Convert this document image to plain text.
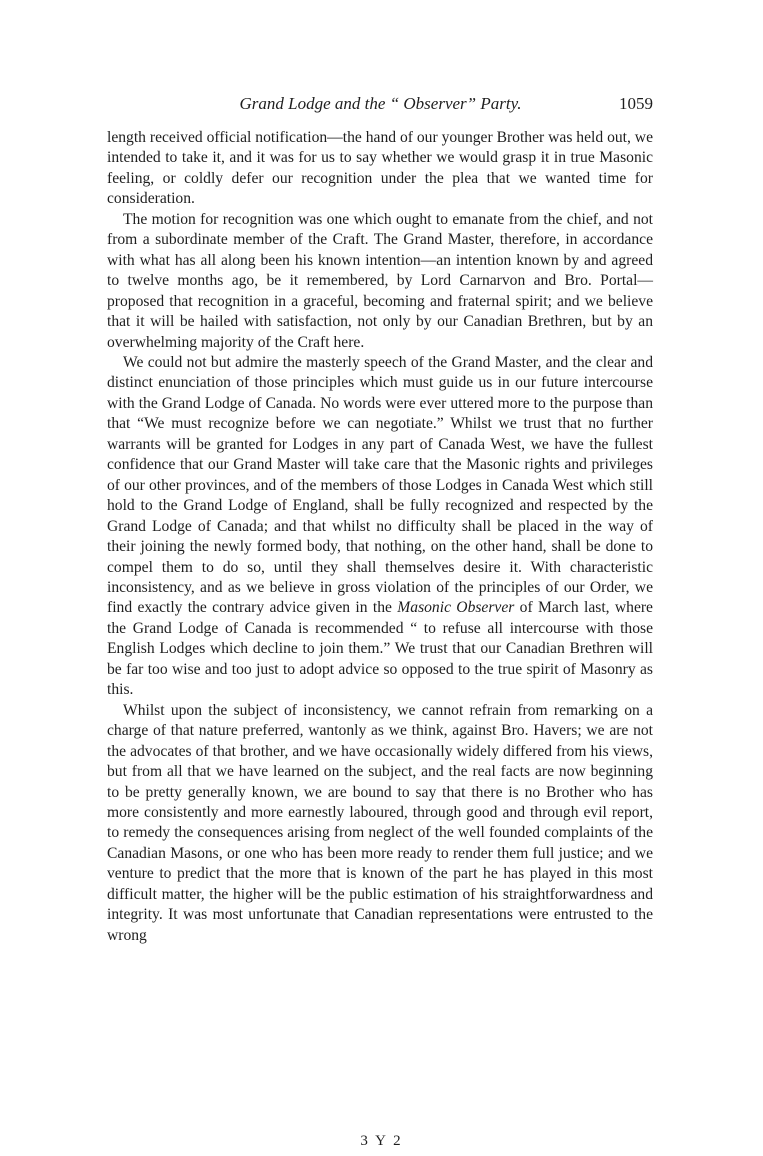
Grand Lodge and the “ Observer” Party.	1059

length received official notification—the hand of our younger Brother was held out, we intended to take it, and it was for us to say whether we would grasp it in true Masonic feeling, or coldly defer our recognition under the plea that we wanted time for consideration.

The motion for recognition was one which ought to emanate from the chief, and not from a subordinate member of the Craft. The Grand Master, therefore, in accordance with what has all along been his known intention—an intention known by and agreed to twelve months ago, be it remembered, by Lord Carnarvon and Bro. Portal—proposed that recognition in a graceful, becoming and fraternal spirit; and we believe that it will be hailed with satisfaction, not only by our Canadian Brethren, but by an overwhelming majority of the Craft here.

We could not but admire the masterly speech of the Grand Master, and the clear and distinct enunciation of those principles which must guide us in our future intercourse with the Grand Lodge of Canada. No words were ever uttered more to the purpose than that “We must recognize before we can negotiate.” Whilst we trust that no further warrants will be granted for Lodges in any part of Canada West, we have the fullest confidence that our Grand Master will take care that the Masonic rights and privileges of our other provinces, and of the members of those Lodges in Canada West which still hold to the Grand Lodge of England, shall be fully recognized and respected by the Grand Lodge of Canada; and that whilst no difficulty shall be placed in the way of their joining the newly formed body, that nothing, on the other hand, shall be done to compel them to do so, until they shall themselves desire it. With characteristic inconsistency, and as we believe in gross violation of the principles of our Order, we find exactly the contrary advice given in the Masonic Observer of March last, where the Grand Lodge of Canada is recommended “ to refuse all intercourse with those English Lodges which decline to join them.” We trust that our Canadian Brethren will be far too wise and too just to adopt advice so opposed to the true spirit of Masonry as this.

Whilst upon the subject of inconsistency, we cannot refrain from remarking on a charge of that nature preferred, wantonly as we think, against Bro. Havers; we are not the advocates of that brother, and we have occasionally widely differed from his views, but from all that we have learned on the subject, and the real facts are now beginning to be pretty generally known, we are bound to say that there is no Brother who has more consistently and more earnestly laboured, through good and through evil report, to remedy the consequences arising from neglect of the well founded complaints of the Canadian Masons, or one who has been more ready to render them full justice; and we venture to predict that the more that is known of the part he has played in this most difficult matter, the higher will be the public estimation of his straightforwardness and integrity. It was most unfortunate that Canadian representations were entrusted to the wrong

3 Y 2
